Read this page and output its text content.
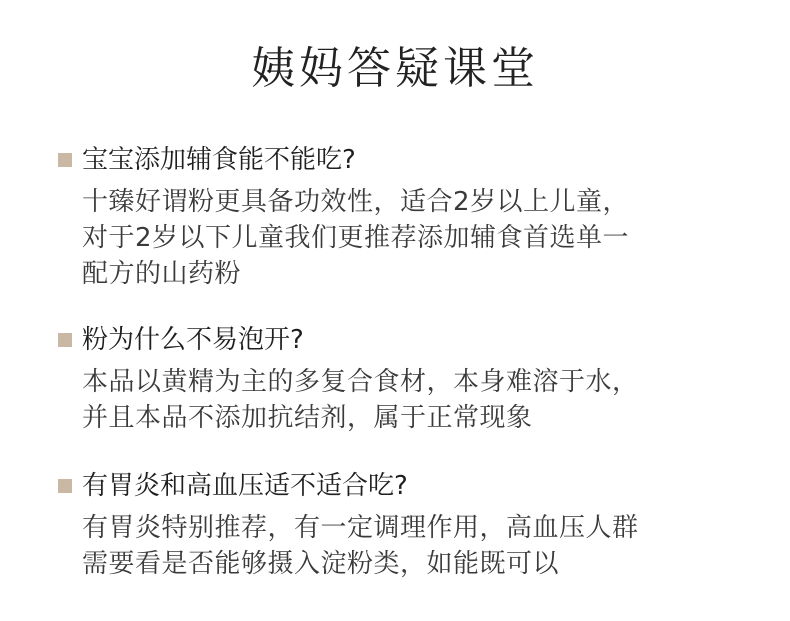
姨妈答疑课堂
宝宝添加辅食能不能吃?
十臻好谓粉更具备功效性，适合2岁以上儿童，
对于2岁以下儿童我们更推荐添加辅食首选单一
配方的山药粉
粉为什么不易泡开?
本品以黄精为主的多复合食材，本身难溶于水，
并且本品不添加抗结剂，属于正常现象
有胃炎和高血压适不适合吃?
有胃炎特别推荐，有一定调理作用，高血压人群
需要看是否能够摄入淀粉类，如能既可以
